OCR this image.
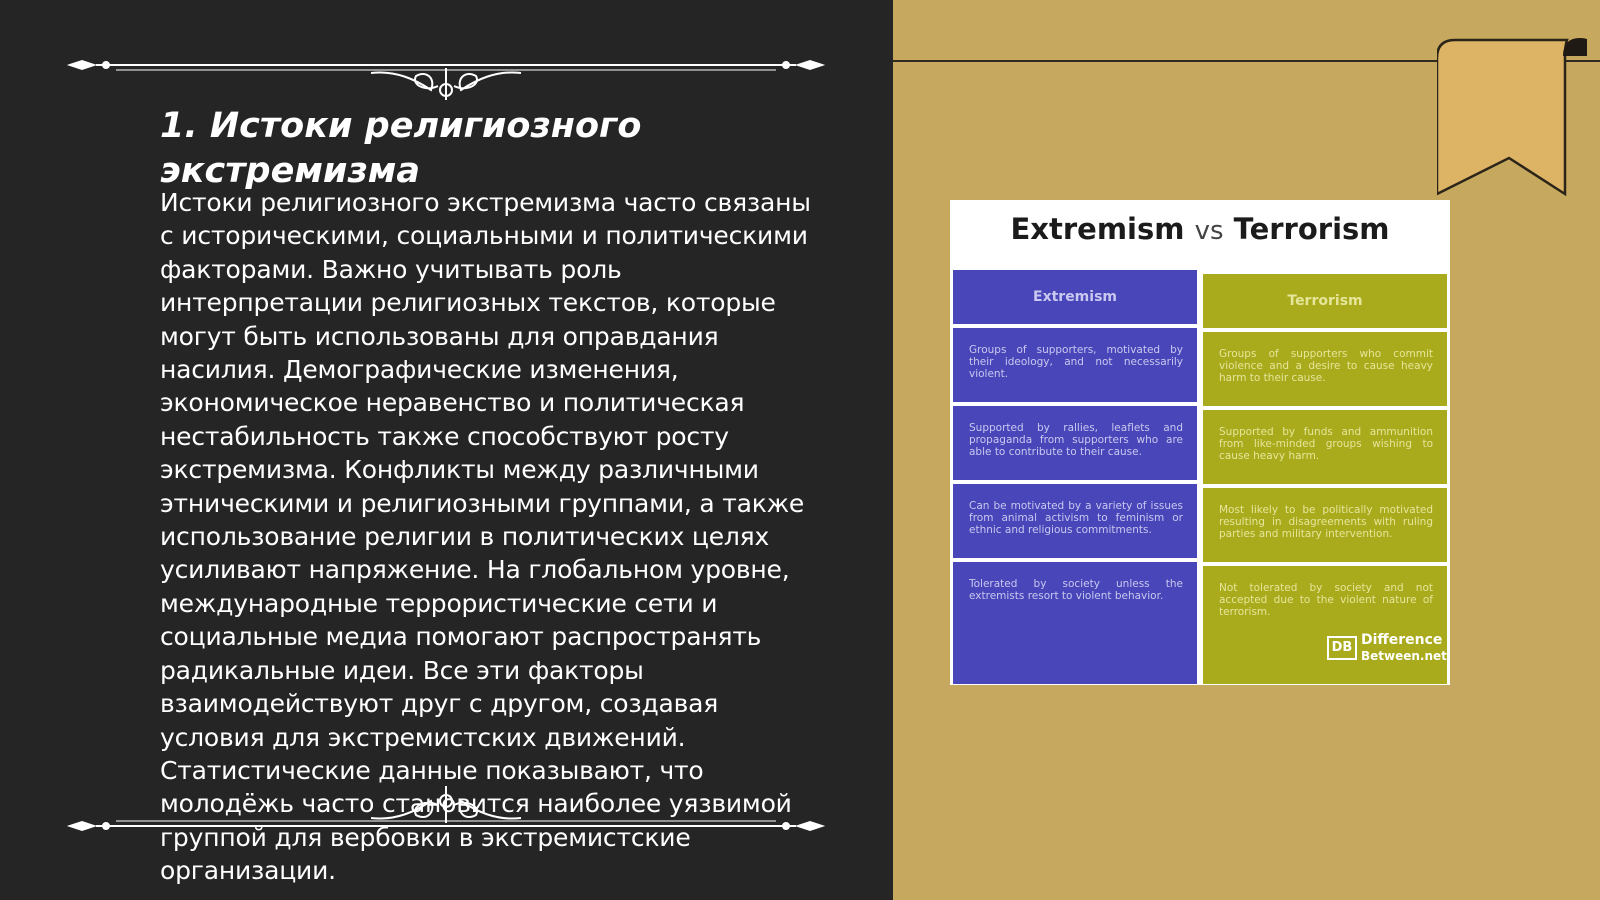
1. Истоки религиозного экстремизма

Истоки религиозного экстремизма часто связаны с историческими, социальными и политическими факторами. Важно учитывать роль интерпретации религиозных текстов, которые могут быть использованы для оправдания насилия. Демографические изменения, экономическое неравенство и политическая нестабильность также способствуют росту экстремизма. Конфликты между различными этническими и религиозными группами, а также использование религии в политических целях усиливают напряжение. На глобальном уровне, международные террористические сети и социальные медиа помогают распространять радикальные идеи. Все эти факторы взаимодействуют друг с другом, создавая условия для экстремистских движений. Статистические данные показывают, что молодёжь часто становится наиболее уязвимой группой для вербовки в экстремистские организации.

Extremism vs Terrorism
Extremism	Terrorism
Groups of supporters, motivated by their ideology, and not necessarily violent.
Groups of supporters who commit violence and a desire to cause heavy harm to their cause.
Supported by rallies, leaflets and propaganda from supporters who are able to contribute to their cause.
Supported by funds and ammunition from like-minded groups wishing to cause heavy harm.
Can be motivated by a variety of issues from animal activism to feminism or ethnic and religious commitments.
Most likely to be politically motivated resulting in disagreements with ruling parties and military intervention.
Tolerated by society unless the extremists resort to violent behavior.
Not tolerated by society and not accepted due to the violent nature of terrorism.
DB Difference
Between.net
